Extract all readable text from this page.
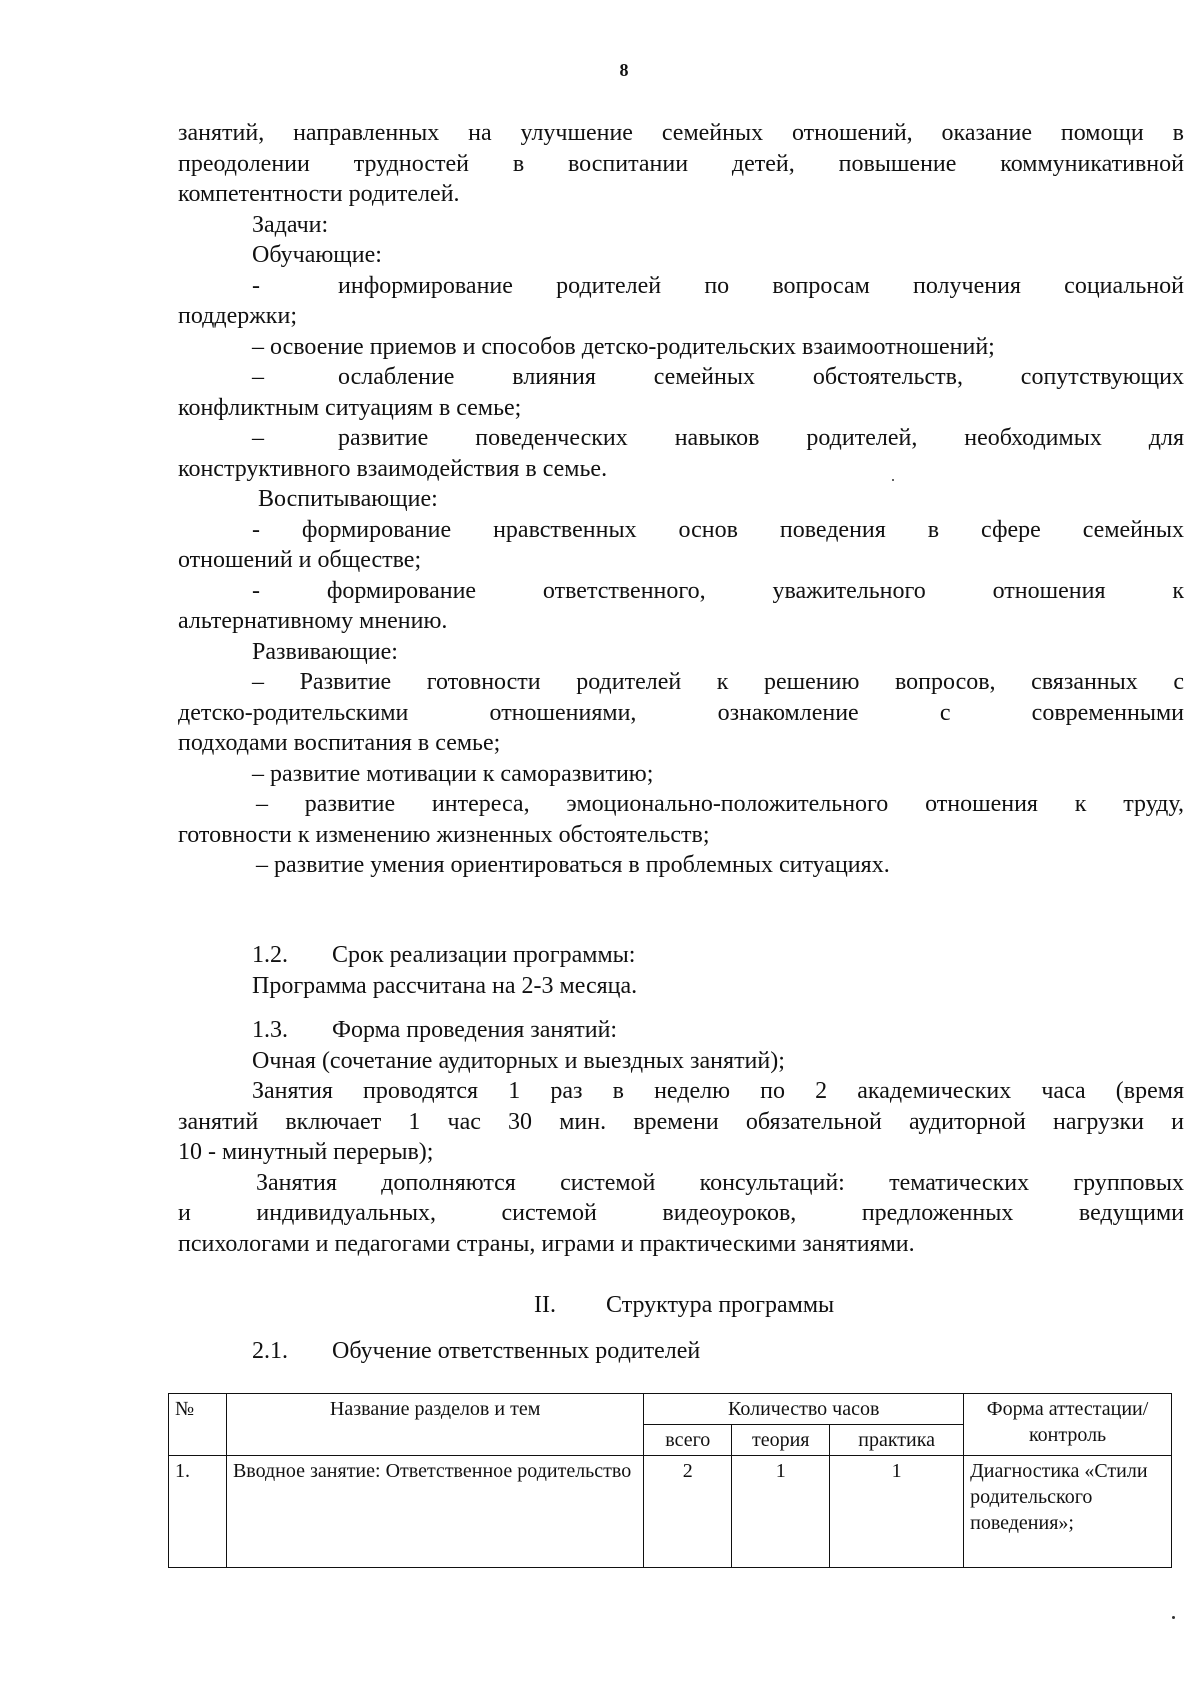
8
занятий, направленных на улучшение семейных отношений, оказание помощи в
преодолении трудностей в воспитании детей, повышение коммуникативной
компетентности родителей.
Задачи:
Обучающие:
-	информирование родителей по вопросам получения социальной
поддержки;
– освоение приемов и способов детско-родительских взаимоотношений;
–	ослабление влияния семейных обстоятельств, сопутствующих
конфликтным ситуациям в семье;
–	развитие поведенческих навыков родителей, необходимых для
конструктивного взаимодействия в семье.
Воспитывающие:
- формирование нравственных основ поведения в сфере семейных
отношений и обществе;
- формирование ответственного, уважительного отношения к
альтернативному мнению.
Развивающие:
– Развитие готовности родителей к решению вопросов, связанных с
детско-родительскими отношениями, ознакомление с современными
подходами воспитания в семье;
– развитие мотивации к саморазвитию;
– развитие интереса, эмоционально-положительного отношения к труду,
готовности к изменению жизненных обстоятельств;
– развитие умения ориентироваться в проблемных ситуациях.
1.2.	Срок реализации программы:
Программа рассчитана на 2-3 месяца.
1.3.	Форма проведения занятий:
Очная (сочетание аудиторных и выездных занятий);
Занятия проводятся 1 раз в неделю по 2 академических часа (время
занятий включает 1 час 30 мин. времени обязательной аудиторной нагрузки и
10 - минутный перерыв);
Занятия дополняются системой консультаций: тематических групповых
и индивидуальных, системой видеоуроков, предложенных ведущими
психологами и педагогами страны, играми и практическими занятиями.
II.	Структура программы
2.1.	Обучение ответственных родителей
№	Название разделов и тем	Количество часов			Форма аттестации/ контроль
		всего	теория	практика	
1.	Вводное занятие: Ответственное родительство	2	1	1	Диагностика «Стили родительского поведения»;
